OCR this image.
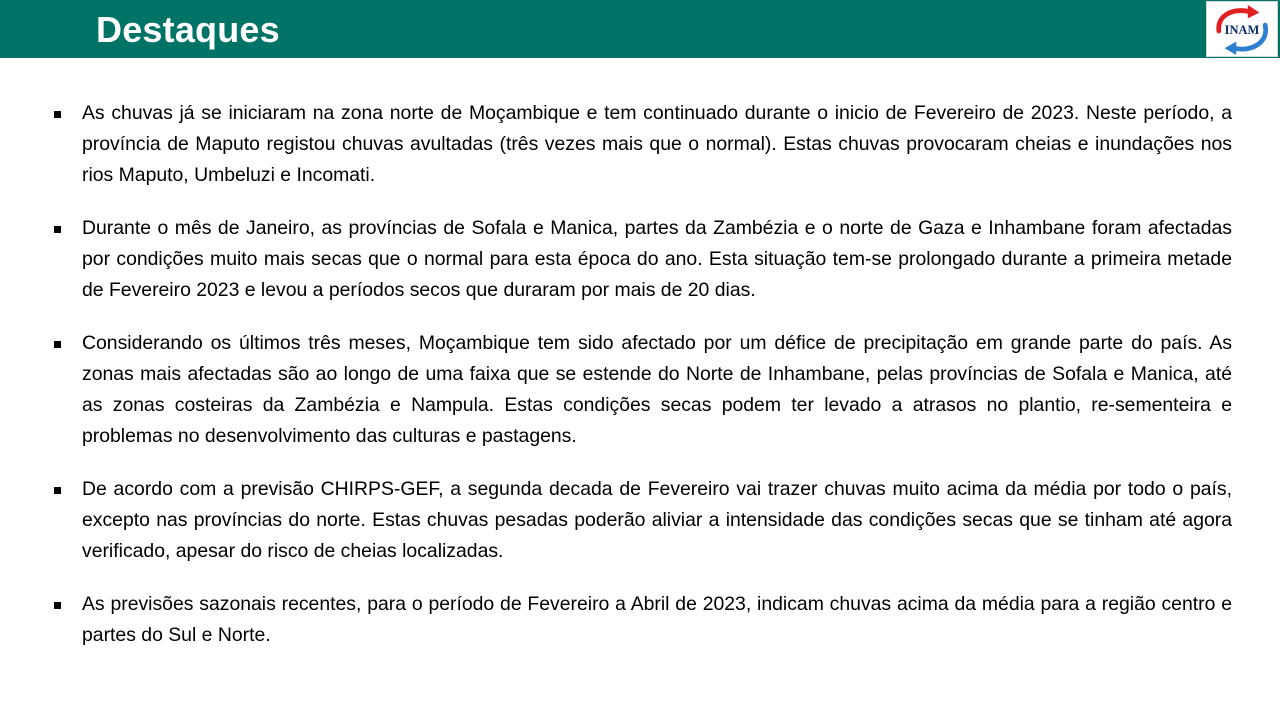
Destaques	INAM
As chuvas já se iniciaram na zona norte de Moçambique e tem continuado durante o inicio de Fevereiro de 2023. Neste período, a província de Maputo registou chuvas avultadas (três vezes mais que o normal). Estas chuvas provocaram cheias e inundações nos rios Maputo, Umbeluzi e Incomati.
Durante o mês de Janeiro, as províncias de Sofala e Manica, partes da Zambézia e o norte de Gaza e Inhambane foram afectadas por condições muito mais secas que o normal para esta época do ano. Esta situação tem-se prolongado durante a primeira metade de Fevereiro 2023 e levou a períodos secos que duraram por mais de 20 dias.
Considerando os últimos três meses, Moçambique tem sido afectado por um défice de precipitação em grande parte do país. As zonas mais afectadas são ao longo de uma faixa que se estende do Norte de Inhambane, pelas províncias de Sofala e Manica, até as zonas costeiras da Zambézia e Nampula. Estas condições secas podem ter levado a atrasos no plantio, re-sementeira e problemas no desenvolvimento das culturas e pastagens.
De acordo com a previsão CHIRPS-GEF, a segunda decada de Fevereiro vai trazer chuvas muito acima da média por todo o país, excepto nas províncias do norte. Estas chuvas pesadas poderão aliviar a intensidade das condições secas que se tinham até agora verificado, apesar do risco de cheias localizadas.
As previsões sazonais recentes, para o período de Fevereiro a Abril de 2023, indicam chuvas acima da média para a região centro e partes do Sul e Norte.
